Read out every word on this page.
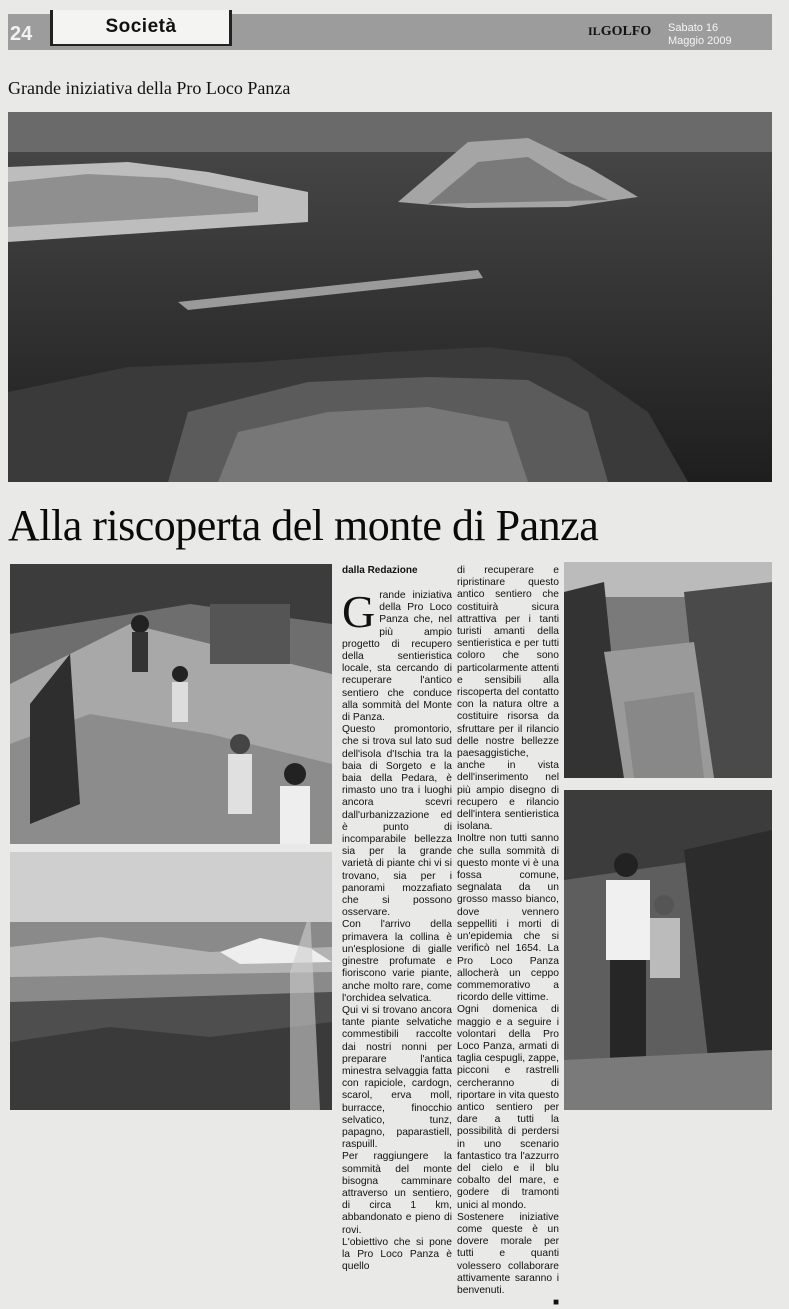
24	Società	ILGOLFO Sabato 16
Maggio 2009
Grande iniziativa della Pro Loco Panza
Alla riscoperta del monte di Panza

dalla Redazione

Grande iniziativa della Pro Loco Panza che, nel più ampio progetto di recupero della sentieristica locale, sta cercando di recuperare l'antico sentiero che conduce alla sommità del Monte di Panza.

Questo promontorio, che si trova sul lato sud dell'isola d'Ischia tra la baia di Sorgeto e la baia della Pedara, è rimasto uno tra i luoghi ancora scevri dall'urbanizzazione ed è punto di incomparabile bellezza sia per la grande varietà di piante chi vi si trovano, sia per i panorami mozzafiato che si possono osservare.

Con l'arrivo della primavera la collina è un'esplosione di gialle ginestre profumate e fioriscono varie piante, anche molto rare, come l'orchidea selvatica.

Qui vi si trovano ancora tante piante selvatiche commestibili raccolte dai nostri nonni per preparare l'antica minestra selvaggia fatta con rapiciole, cardogn, scarol, erva moll, burracce, finocchio selvatico, tunz, papagno, paparastiell, raspuill.

Per raggiungere la sommità del monte bisogna camminare attraverso un sentiero, di circa 1 km, abbandonato e pieno di rovi.

L'obiettivo che si pone la Pro Loco Panza è quello

di recuperare e ripristinare questo antico sentiero che costituirà sicura attrattiva per i tanti turisti amanti della sentieristica e per tutti coloro che sono particolarmente attenti e sensibili alla riscoperta del contatto con la natura oltre a costituire risorsa da sfruttare per il rilancio delle nostre bellezze paesaggistiche, anche in vista dell'inserimento nel più ampio disegno di recupero e rilancio dell'intera sentieristica isolana.

Inoltre non tutti sanno che sulla sommità di questo monte vi è una fossa comune, segnalata da un grosso masso bianco, dove vennero seppelliti i morti di un'epidemia che si verificò nel 1654. La Pro Loco Panza allocherà un ceppo commemorativo a ricordo delle vittime.

Ogni domenica di maggio e a seguire i volontari della Pro Loco Panza, armati di taglia cespugli, zappe, picconi e rastrelli cercheranno di riportare in vita questo antico sentiero per dare a tutti la possibilità di perdersi in uno scenario fantastico tra l'azzurro del cielo e il blu cobalto del mare, e godere di tramonti unici al mondo.

Sostenere iniziative come queste è un dovere morale per tutti e quanti volessero collaborare attivamente saranno i benvenuti.

■
